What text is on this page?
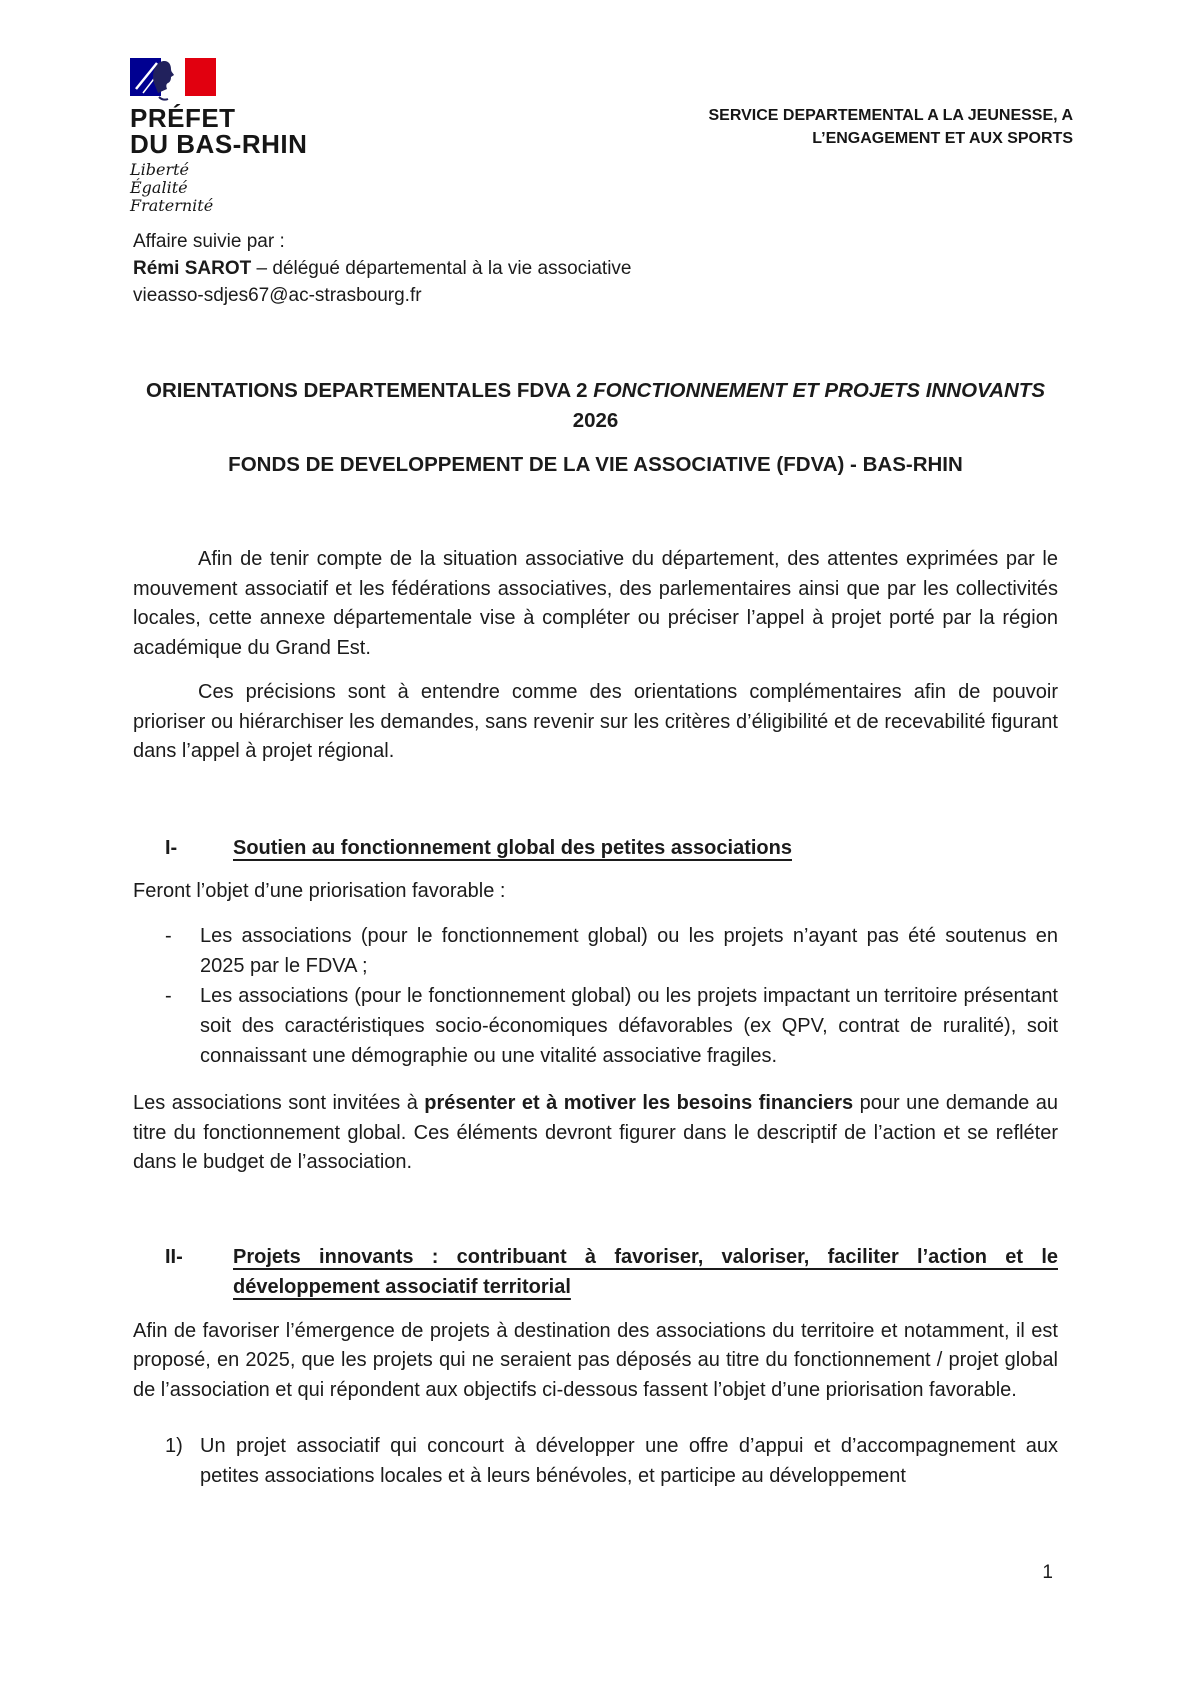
PRÉFET
DU BAS-RHIN
Liberté
Égalité
Fraternité
SERVICE DEPARTEMENTAL A LA JEUNESSE, A
L’ENGAGEMENT ET AUX SPORTS
Affaire suivie par :
Rémi SAROT – délégué départemental à la vie associative
vieasso-sdjes67@ac-strasbourg.fr
ORIENTATIONS DEPARTEMENTALES FDVA 2 FONCTIONNEMENT ET PROJETS INNOVANTS
2026
FONDS DE DEVELOPPEMENT DE LA VIE ASSOCIATIVE (FDVA) - BAS-RHIN

Afin de tenir compte de la situation associative du département, des attentes exprimées par le mouvement associatif et les fédérations associatives, des parlementaires ainsi que par les collectivités locales, cette annexe départementale vise à compléter ou préciser l’appel à projet porté par la région académique du Grand Est.

Ces précisions sont à entendre comme des orientations complémentaires afin de pouvoir prioriser ou hiérarchiser les demandes, sans revenir sur les critères d’éligibilité et de recevabilité figurant dans l’appel à projet régional.

I-	Soutien au fonctionnement global des petites associations

Feront l’objet d’une priorisation favorable :

-	Les associations (pour le fonctionnement global) ou les projets n’ayant pas été soutenus en 2025 par le FDVA ;
-	Les associations (pour le fonctionnement global) ou les projets impactant un territoire présentant soit des caractéristiques socio-économiques défavorables (ex QPV, contrat de ruralité), soit connaissant une démographie ou une vitalité associative fragiles.

Les associations sont invitées à présenter et à motiver les besoins financiers pour une demande au titre du fonctionnement global. Ces éléments devront figurer dans le descriptif de l’action et se refléter dans le budget de l’association.

II-	Projets innovants : contribuant à favoriser, valoriser, faciliter l’action et le développement associatif territorial

Afin de favoriser l’émergence de projets à destination des associations du territoire et notamment, il est proposé, en 2025, que les projets qui ne seraient pas déposés au titre du fonctionnement / projet global de l’association et qui répondent aux objectifs ci-dessous fassent l’objet d’une priorisation favorable.

1) Un projet associatif qui concourt à développer une offre d’appui et d’accompagnement aux petites associations locales et à leurs bénévoles, et participe au développement
1
